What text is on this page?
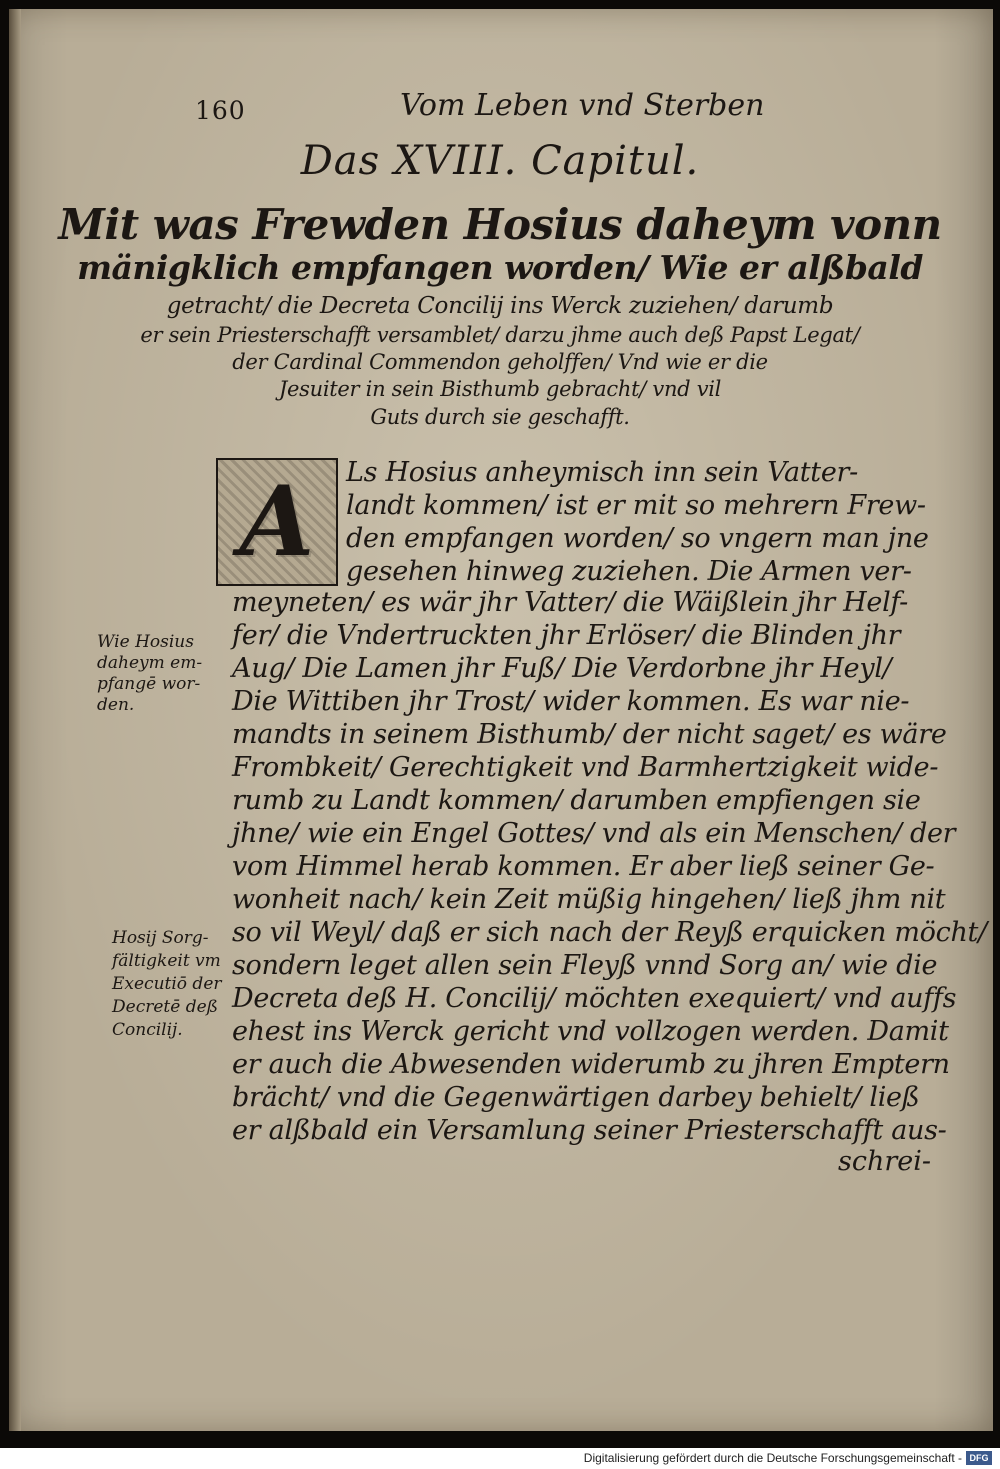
160	Vom Leben vnd Sterben
Das XVIII. Capitul.
Mit was Frewden Hosius daheym vonn
mänigklich empfangen worden/ Wie er alßbald
getracht/ die Decreta Concilij ins Werck zuziehen/ darumb
er sein Priesterschafft versamblet/ darzu jhme auch deß Papst Legat/
der Cardinal Commendon geholffen/ Vnd wie er die
Jesuiter in sein Bisthumb gebracht/ vnd vil
Guts durch sie geschafft.
A Ls Hosius anheymisch inn sein Vatter-
landt kommen/ ist er mit so mehrern Frew-
den empfangen worden/ so vngern man jne
gesehen hinweg zuziehen. Die Armen ver-
meyneten/ es wär jhr Vatter/ die Wäißlein jhr Helf-
fer/ die Vndertruckten jhr Erlöser/ die Blinden jhr
Aug/ Die Lamen jhr Fuß/ Die Verdorbne jhr Heyl/
Die Wittiben jhr Trost/ wider kommen. Es war nie-
mandts in seinem Bisthumb/ der nicht saget/ es wäre
Frombkeit/ Gerechtigkeit vnd Barmhertzigkeit wide-
rumb zu Landt kommen/ darumben empfiengen sie
jhne/ wie ein Engel Gottes/ vnd als ein Menschen/ der
vom Himmel herab kommen. Er aber ließ seiner Ge-
wonheit nach/ kein Zeit müßig hingehen/ ließ jhm nit
so vil Weyl/ daß er sich nach der Reyß erquicken möcht/
sondern leget allen sein Fleyß vnnd Sorg an/ wie die
Decreta deß H. Concilij/ möchten exequiert/ vnd auffs
ehest ins Werck gericht vnd vollzogen werden. Damit
er auch die Abwesenden widerumb zu jhren Emptern
brächt/ vnd die Gegenwärtigen darbey behielt/ ließ
er alßbald ein Versamlung seiner Priesterschafft aus-
schrei-
Wie Hosius
daheym em-
pfangē wor-
den.
Hosij Sorg-
fältigkeit vm
Executiō der
Decretē deß
Concilij.
Digitalisierung gefördert durch die Deutsche Forschungsgemeinschaft - DFG
